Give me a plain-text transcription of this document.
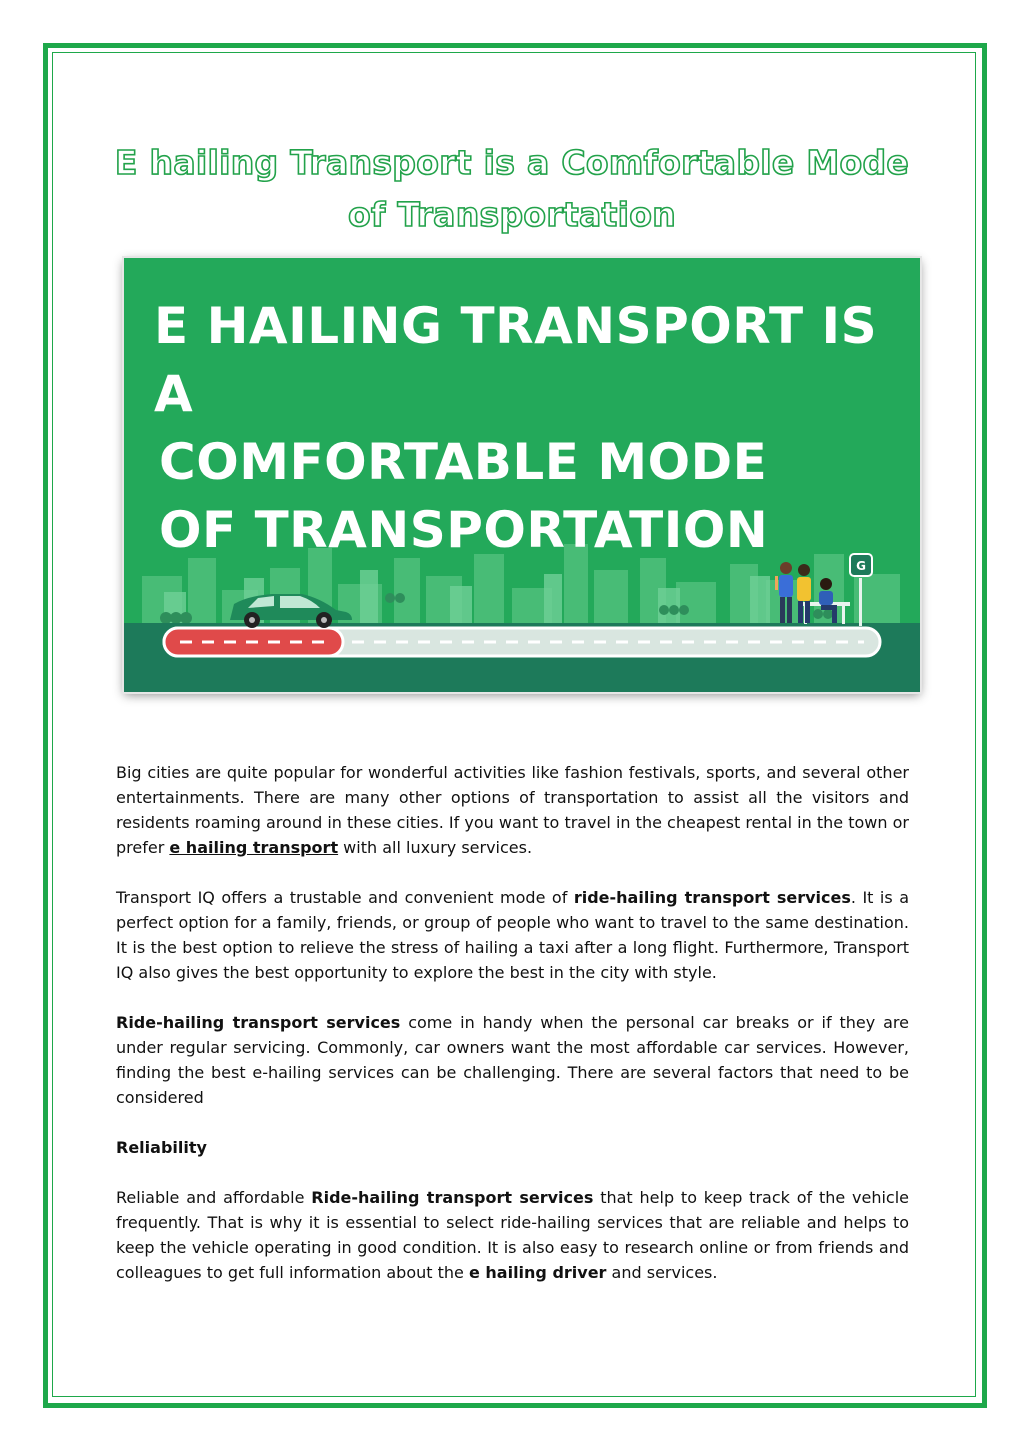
E hailing Transport is a Comfortable Mode of Transportation
G
E HAILING TRANSPORT IS A
COMFORTABLE MODE
OF TRANSPORTATION

Big cities are quite popular for wonderful activities like fashion festivals, sports, and several other entertainments. There are many other options of transportation to assist all the visitors and residents roaming around in these cities. If you want to travel in the cheapest rental in the town or prefer e hailing transport with all luxury services.

Transport IQ offers a trustable and convenient mode of ride-hailing transport services. It is a perfect option for a family, friends, or group of people who want to travel to the same destination. It is the best option to relieve the stress of hailing a taxi after a long flight. Furthermore, Transport IQ also gives the best opportunity to explore the best in the city with style.

Ride-hailing transport services come in handy when the personal car breaks or if they are under regular servicing. Commonly, car owners want the most affordable car services. However, finding the best e-hailing services can be challenging. There are several factors that need to be considered

Reliability

Reliable and affordable Ride-hailing transport services that help to keep track of the vehicle frequently. That is why it is essential to select ride-hailing services that are reliable and helps to keep the vehicle operating in good condition. It is also easy to research online or from friends and colleagues to get full information about the e hailing driver and services.
